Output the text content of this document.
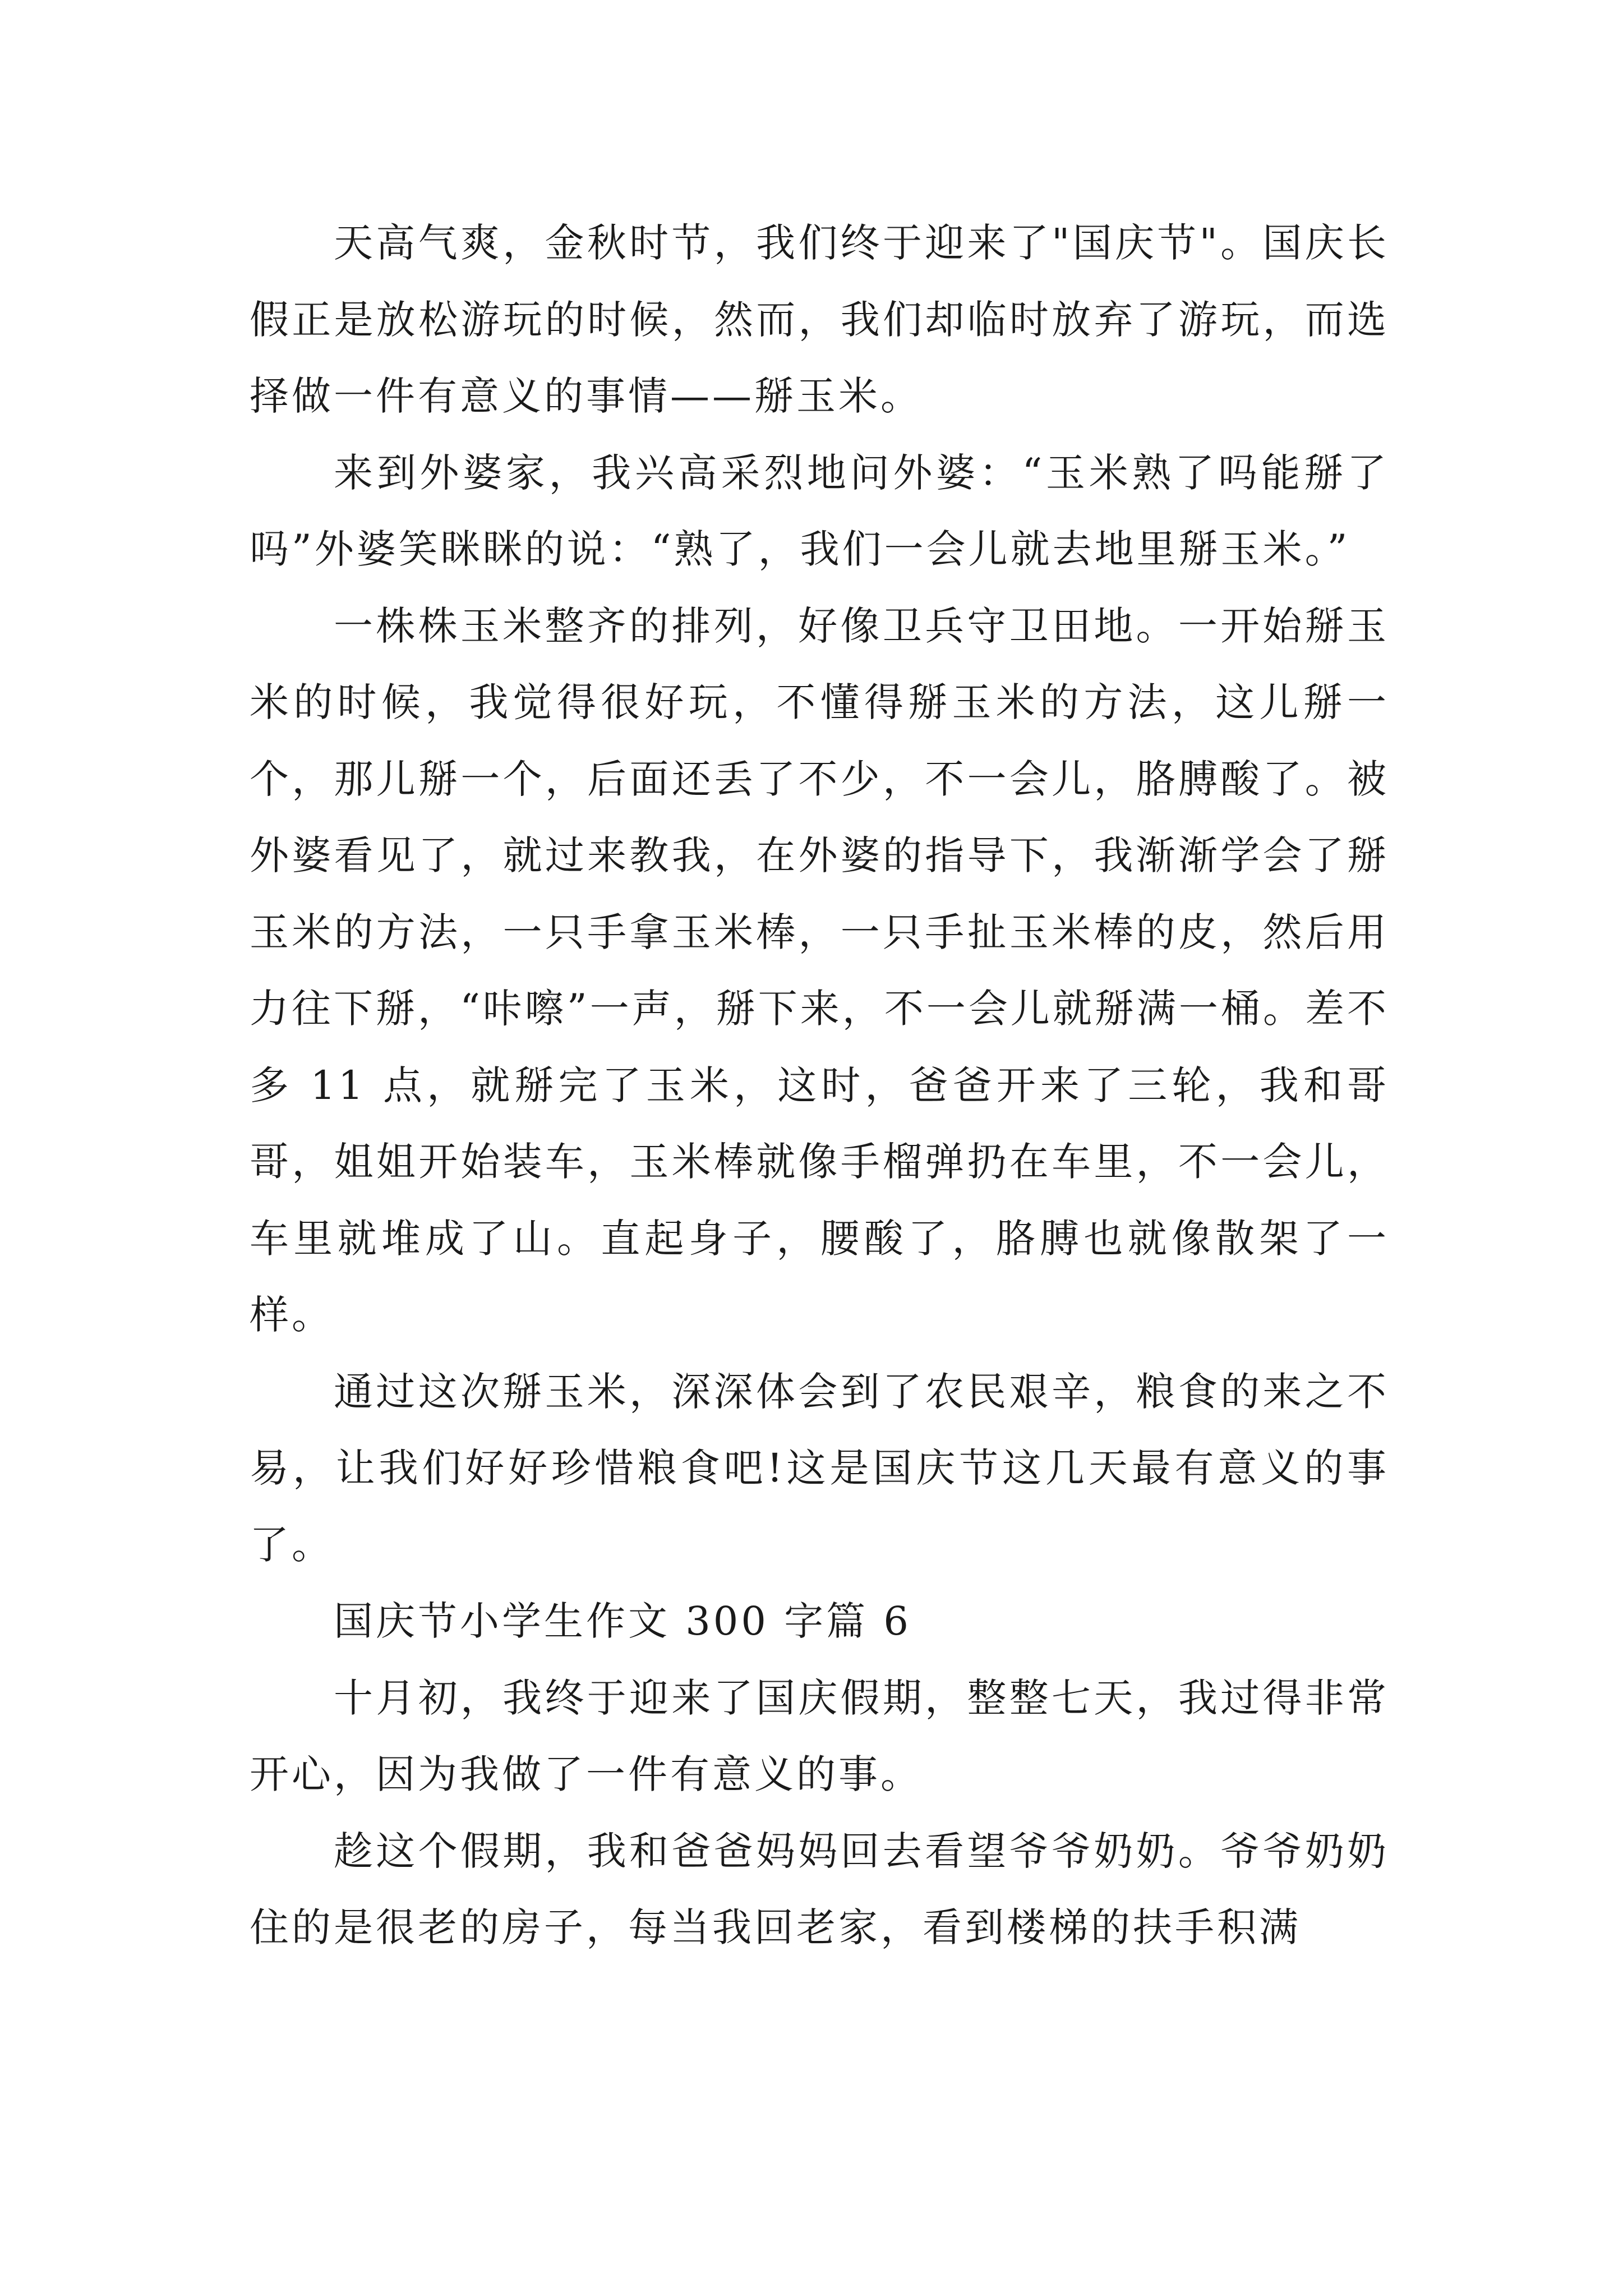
天高气爽，金秋时节，我们终于迎来了"国庆节"。国庆长假正是放松游玩的时候，然而，我们却临时放弃了游玩，而选择做一件有意义的事情——掰玉米。

来到外婆家，我兴高采烈地问外婆：“玉米熟了吗能掰了吗”外婆笑眯眯的说：“熟了，我们一会儿就去地里掰玉米。”

一株株玉米整齐的排列，好像卫兵守卫田地。一开始掰玉米的时候，我觉得很好玩，不懂得掰玉米的方法，这儿掰一个，那儿掰一个，后面还丢了不少，不一会儿，胳膊酸了。被外婆看见了，就过来教我，在外婆的指导下，我渐渐学会了掰玉米的方法，一只手拿玉米棒，一只手扯玉米棒的皮，然后用力往下掰，“咔嚓”一声，掰下来，不一会儿就掰满一桶。差不多 11 点，就掰完了玉米，这时，爸爸开来了三轮，我和哥哥，姐姐开始装车，玉米棒就像手榴弹扔在车里，不一会儿，车里就堆成了山。直起身子，腰酸了，胳膊也就像散架了一样。

通过这次掰玉米，深深体会到了农民艰辛，粮食的来之不易，让我们好好珍惜粮食吧!这是国庆节这几天最有意义的事了。

国庆节小学生作文 300 字篇 6

十月初，我终于迎来了国庆假期，整整七天，我过得非常开心，因为我做了一件有意义的事。

趁这个假期，我和爸爸妈妈回去看望爷爷奶奶。爷爷奶奶住的是很老的房子，每当我回老家，看到楼梯的扶手积满
